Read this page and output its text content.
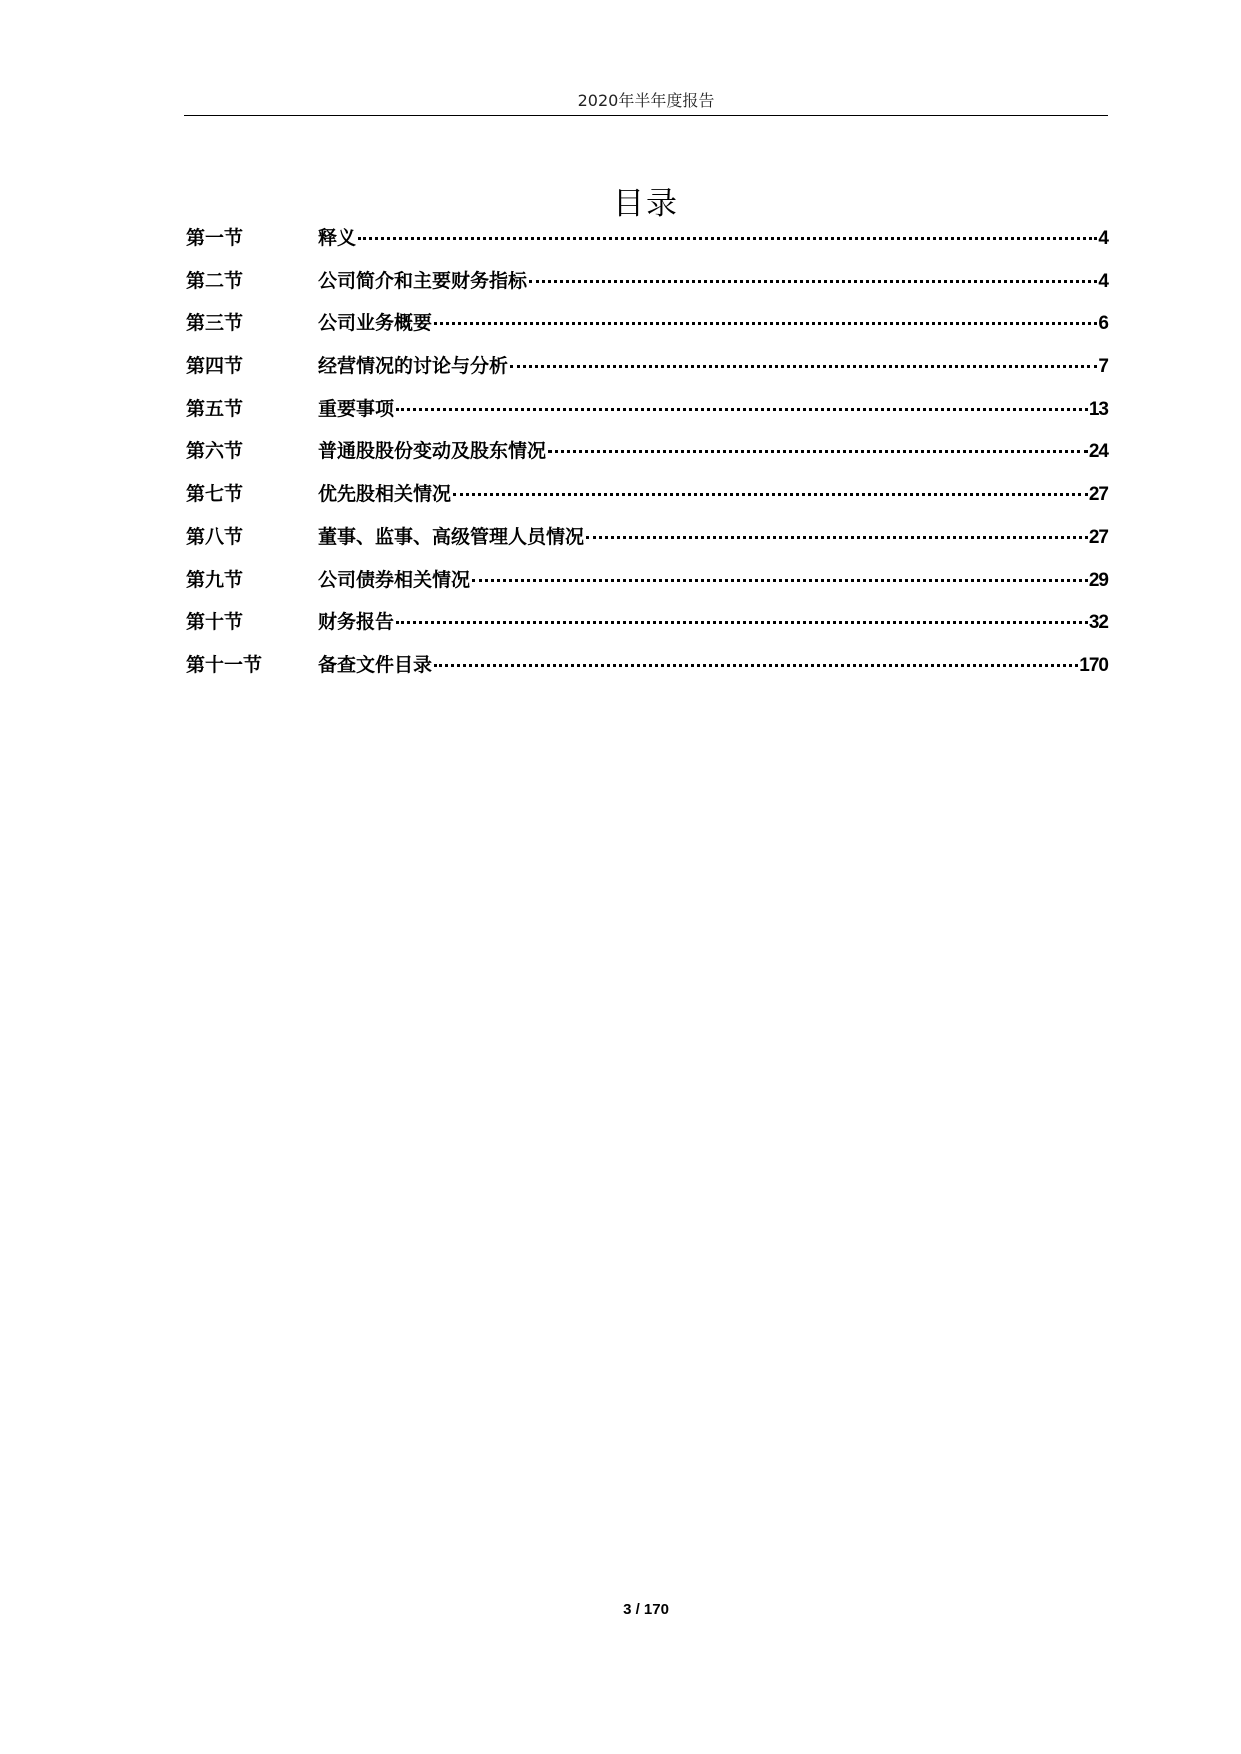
2020年半年度报告
目录
第一节	释义	4
第二节	公司简介和主要财务指标	4
第三节	公司业务概要	6
第四节	经营情况的讨论与分析	7
第五节	重要事项	13
第六节	普通股股份变动及股东情况	24
第七节	优先股相关情况	27
第八节	董事、监事、高级管理人员情况	27
第九节	公司债券相关情况	29
第十节	财务报告	32
第十一节	备查文件目录	170
3 / 170
